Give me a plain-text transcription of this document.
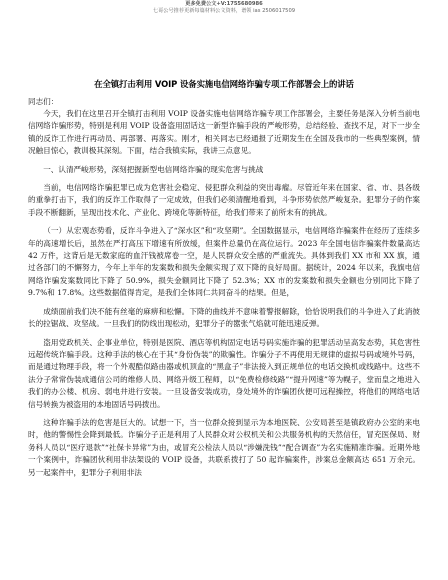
更多免费公文+V:1755680986
七哥公号推荐更新每篇材料公文资料，谱领 ias 2506017509
在全镇打击利用 VOIP 设备实施电信网络诈骗专项工作部署会上的讲话
同志们：

今天，我们在这里召开全镇打击利用 VOIP 设备实施电信网络诈骗专项工作部署会，主要任务是深入分析当前电信网络诈骗形势，特别是利用 VOIP 设备盗用固话这一新型诈骗手段的严峻形势，总结经验、查找不足，对下一步全镇的反诈工作进行再动员、再部署、再落实。刚才，相关同志已经通报了近期发生在全国及我市的一些典型案例，情况触目惊心，教训极其深刻。下面，结合我镇实际，我讲三点意见。

一、认清严峻形势，深刻把握新型电信网络诈骗的现实危害与挑战

当前，电信网络诈骗犯罪已成为危害社会稳定、侵犯群众利益的突出毒瘤。尽管近年来在国家、省、市、县各级的重拳打击下，我们的反诈工作取得了一定成效，但我们必须清醒地看到，斗争形势依然严峻复杂。犯罪分子的作案手段不断翻新，呈现出技术化、产业化、跨境化等新特征，给我们带来了前所未有的挑战。

（一）从宏观态势看，反诈斗争进入了“深水区”和“攻坚期”。全国数据显示，电信网络诈骗案件在经历了连续多年的高速增长后，虽然在严打高压下增速有所放缓，但案件总量仍在高位运行。2023 年全国电信诈骗案件数量高达 42 万件，这背后是无数家庭的血汗钱被席卷一空，是人民群众安全感的严重流失。具体到我们 XX 市和 XX 旗，通过各部门的不懈努力，今年上半年的发案数和损失金额实现了双下降的良好局面。据统计，2024 年以来，我旗电信网络诈骗发案数同比下降了 50.9%，损失金额同比下降了 52.3%；XX 市的发案数和损失金额也分别同比下降了 9.7%和 17.8%。这些数据值得肯定，是我们全体同仁共同奋斗的结果。但是，

成绩面前我们决不能有丝毫的麻痹和松懈。下降的曲线并不意味着警报解除，恰恰说明我们的斗争进入了此消彼长的拉锯战、攻坚战。一旦我们的防线出现松动，犯罪分子的嚣张气焰就可能迅速反弹。

盗用党政机关、企事业单位，特别是医院、酒店等机构固定电话号码实施诈骗的犯罪活动呈高发态势，其危害性远超传统诈骗手段。这种手法的核心在于其“身份伪装”的欺骗性。诈骗分子不再使用无规律的虚拟号码或境外号码，而是通过物理手段，将一个外观酷似路由器或机顶盒的“黑盒子”非法接入到正规单位的电话交换机或线路中。这些不法分子常常伪装成通信公司的维修人员、网络升级工程师，以“免费检修线路”“提升网速”等为幌子，堂而皇之地进入我们的办公楼、机房、弱电井进行安装。一旦设备安装成功，身处境外的诈骗团伙便可远程操控，将他们的网络电话信号转换为被盗用的本地固话号码拨出。

这种诈骗手法的危害是巨大的。试想一下，当一位群众接到显示为本地医院、公安局甚至是镇政府办公室的来电时，他的警惕性会降到最低。诈骗分子正是利用了人民群众对公权机关和公共服务机构的天然信任，冒充医保局、财务科人员以“医疗退款”“社保卡异常”为由，或冒充公检法人员以“涉嫌洗钱”“配合调查”为名实施精准诈骗。近期外地一个案例中，诈骗团伙利用非法架设的 VOIP 设备，共联系拨打了 50 起诈骗案件，涉案总金额高达 651 万余元。另一起案件中，犯罪分子利用非法
